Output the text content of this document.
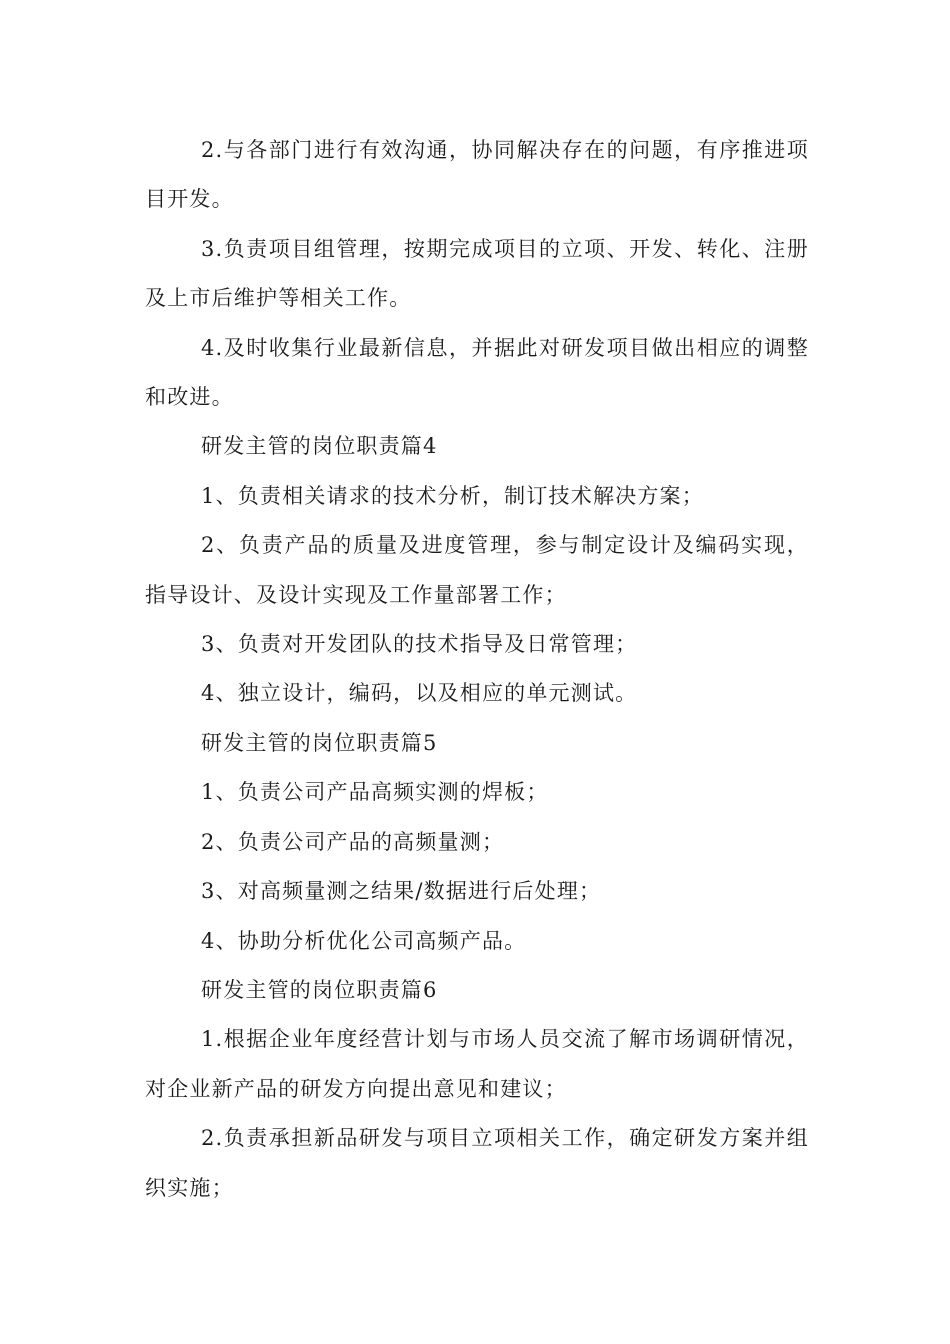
2.与各部门进行有效沟通，协同解决存在的问题，有序推进项目开发。

3.负责项目组管理，按期完成项目的立项、开发、转化、注册及上市后维护等相关工作。

4.及时收集行业最新信息，并据此对研发项目做出相应的调整和改进。

研发主管的岗位职责篇4

1、负责相关请求的技术分析，制订技术解决方案；

2、负责产品的质量及进度管理，参与制定设计及编码实现，指导设计、及设计实现及工作量部署工作；

3、负责对开发团队的技术指导及日常管理；

4、独立设计，编码，以及相应的单元测试。

研发主管的岗位职责篇5

1、负责公司产品高频实测的焊板；

2、负责公司产品的高频量测；

3、对高频量测之结果/数据进行后处理；

4、协助分析优化公司高频产品。

研发主管的岗位职责篇6

1.根据企业年度经营计划与市场人员交流了解市场调研情况，对企业新产品的研发方向提出意见和建议；

2.负责承担新品研发与项目立项相关工作，确定研发方案并组织实施；
